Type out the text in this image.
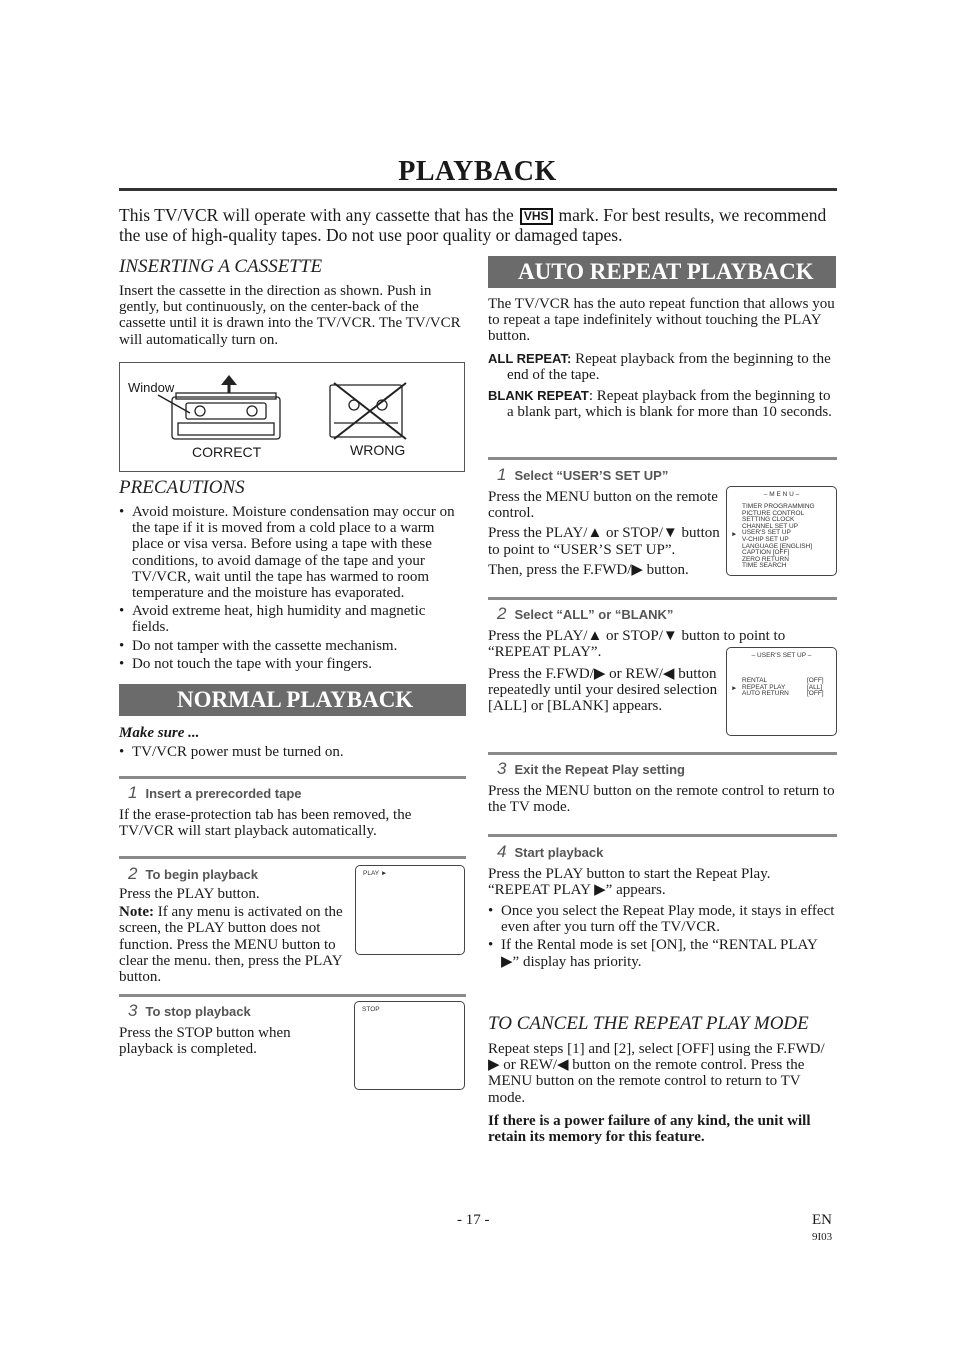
PLAYBACK
This TV/VCR will operate with any cassette that has the VHS mark. For best results, we recommend the use of high-quality tapes. Do not use poor quality or damaged tapes.
INSERTING A CASSETTE
Insert the cassette in the direction as shown. Push in gently, but continuously, on the center-back of the cassette until it is drawn into the TV/VCR. The TV/VCR will automatically turn on.
Window
CORRECT	WRONG
PRECAUTIONS
• Avoid moisture. Moisture condensation may occur on the tape if it is moved from a cold place to a warm place or visa versa. Before using a tape with these conditions, to avoid damage of the tape and your TV/VCR, wait until the tape has warmed to room temperature and the moisture has evaporated.
• Avoid extreme heat, high humidity and magnetic fields.
• Do not tamper with the cassette mechanism.
• Do not touch the tape with your fingers.
NORMAL PLAYBACK
Make sure ...
• TV/VCR power must be turned on.
1 Insert a prerecorded tape
If the erase-protection tab has been removed, the TV/VCR will start playback automatically.
2 To begin playback
Press the PLAY button.
Note: If any menu is activated on the screen, the PLAY button does not function. Press the MENU button to clear the menu. then, press the PLAY button.
PLAY ►
3 To stop playback
Press the STOP button when playback is completed.
STOP
AUTO REPEAT PLAYBACK
The TV/VCR has the auto repeat function that allows you to repeat a tape indefinitely without touching the PLAY button.
ALL REPEAT: Repeat playback from the beginning to the end of the tape.
BLANK REPEAT: Repeat playback from the beginning to a blank part, which is blank for more than 10 seconds.
1 Select “USER’S SET UP”
Press the MENU button on the remote control.
Press the PLAY/▲ or STOP/▼ button to point to “USER’S SET UP”.
Then, press the F.FWD/▶ button.
– M E N U –
►
TIMER PROGRAMMING
PICTURE CONTROL
SETTING CLOCK
CHANNEL SET UP
USER'S SET UP
V-CHIP SET UP
LANGUAGE [ENGLISH]
CAPTION [OFF]
ZERO RETURN
TIME SEARCH
2 Select “ALL” or “BLANK”
Press the PLAY/▲ or STOP/▼ button to point to “REPEAT PLAY”.
Press the F.FWD/▶ or REW/◀ button repeatedly until your desired selection [ALL] or [BLANK] appears.
– USER’S SET UP –
►
RENTAL
REPEAT PLAY
AUTO RETURN
[OFF]
[ALL]
[OFF]
3 Exit the Repeat Play setting
Press the MENU button on the remote control to return to the TV mode.
4 Start playback
Press the PLAY button to start the Repeat Play. “REPEAT PLAY ▶” appears.
• Once you select the Repeat Play mode, it stays in effect even after you turn off the TV/VCR.
• If the Rental mode is set [ON], the “RENTAL PLAY ▶” display has priority.
TO CANCEL THE REPEAT PLAY MODE
Repeat steps [1] and [2], select [OFF] using the F.FWD/▶ or REW/◀ button on the remote control. Press the MENU button on the remote control to return to TV mode.
If there is a power failure of any kind, the unit will retain its memory for this feature.
- 17 -	EN
9I03
